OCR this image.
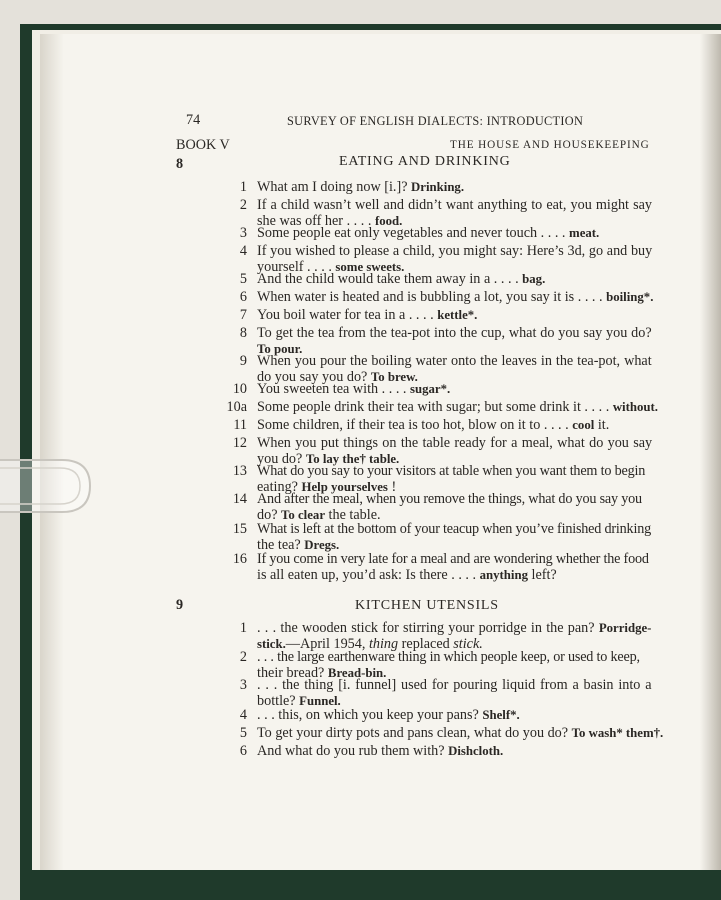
74	SURVEY OF ENGLISH DIALECTS: INTRODUCTION
BOOK V	THE HOUSE AND HOUSEKEEPING
8	EATING AND DRINKING
1 What am I doing now [i.]? Drinking.
2 If a child wasn’t well and didn’t want anything to eat, you might say
she was off her . . . . food.
3 Some people eat only vegetables and never touch . . . . meat.
4 If you wished to please a child, you might say: Here’s 3d, go and buy
yourself . . . . some sweets.
5 And the child would take them away in a . . . . bag.
6 When water is heated and is bubbling a lot, you say it is . . . . boiling*.
7 You boil water for tea in a . . . . kettle*.
8 To get the tea from the tea-pot into the cup, what do you say you do?
To pour.
9 When you pour the boiling water onto the leaves in the tea-pot, what
do you say you do? To brew.
10 You sweeten tea with . . . . sugar*.
10a Some people drink their tea with sugar; but some drink it . . . . without.
11 Some children, if their tea is too hot, blow on it to . . . . cool it.
12 When you put things on the table ready for a meal, what do you say
you do? To lay the† table.
13 What do you say to your visitors at table when you want them to begin
eating? Help yourselves !
14 And after the meal, when you remove the things, what do you say you
do? To clear the table.
15 What is left at the bottom of your teacup when you’ve finished drinking
the tea? Dregs.
16 If you come in very late for a meal and are wondering whether the food
is all eaten up, you’d ask: Is there . . . . anything left?
9	KITCHEN UTENSILS
1 . . . the wooden stick for stirring your porridge in the pan? Porridge-
stick.—April 1954, thing replaced stick.
2 . . . the large earthenware thing in which people keep, or used to keep,
their bread? Bread-bin.
3 . . . the thing [i. funnel] used for pouring liquid from a basin into a
bottle? Funnel.
4 . . . this, on which you keep your pans? Shelf*.
5 To get your dirty pots and pans clean, what do you do? To wash* them†.
6 And what do you rub them with? Dishcloth.
